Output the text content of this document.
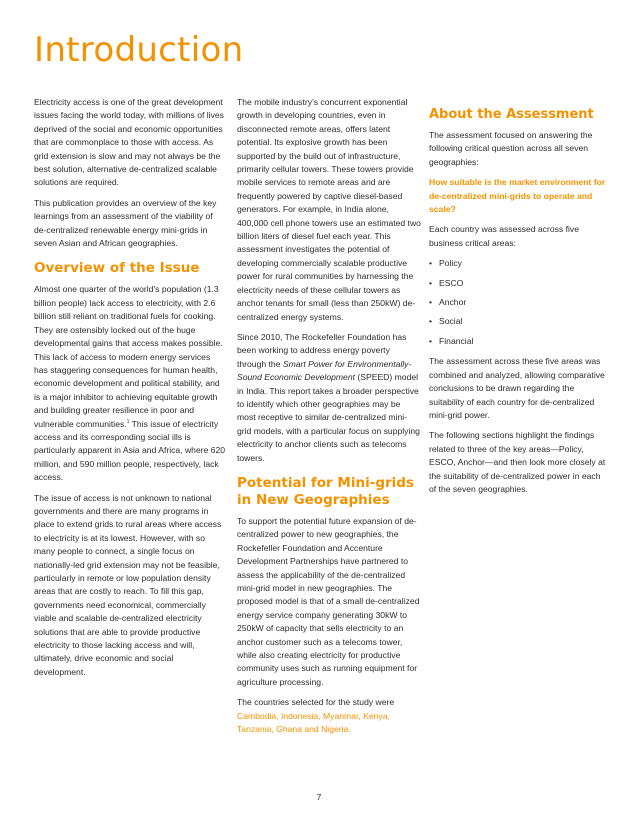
Introduction

Electricity access is one of the great development issues facing the world today, with millions of lives deprived of the social and economic opportunities that are commonplace to those with access. As grid extension is slow and may not always be the best solution, alternative de-centralized scalable solutions are required.

This publication provides an overview of the key learnings from an assessment of the viability of de-centralized renewable energy mini-grids in seven Asian and African geographies.

Overview of the Issue

Almost one quarter of the world’s population (1.3 billion people) lack access to electricity, with 2.6 billion still reliant on traditional fuels for cooking. They are ostensibly locked out of the huge developmental gains that access makes possible. This lack of access to modern energy services has staggering consequences for human health, economic development and political stability, and is a major inhibitor to achieving equitable growth and building greater resilience in poor and vulnerable communities.$^1$ This issue of electricity access and its corresponding social ills is particularly apparent in Asia and Africa, where 620 million, and 590 million people, respectively, lack access.

The issue of access is not unknown to national governments and there are many programs in place to extend grids to rural areas where access to electricity is at its lowest. However, with so many people to connect, a single focus on nationally-led grid extension may not be feasible, particularly in remote or low population density areas that are costly to reach. To fill this gap, governments need economical, commercially viable and scalable de-centralized electricity solutions that are able to provide productive electricity to those lacking access and will, ultimately, drive economic and social development.

The mobile industry’s concurrent exponential growth in developing countries, even in disconnected remote areas, offers latent potential. Its explosive growth has been supported by the build out of infrastructure, primarily cellular towers. These towers provide mobile services to remote areas and are frequently powered by captive diesel-based generators. For example, in India alone, 400,000 cell phone towers use an estimated two billion liters of diesel fuel each year. This assessment investigates the potential of developing commercially scalable productive power for rural communities by harnessing the electricity needs of these cellular towers as anchor tenants for small (less than 250kW) de-centralized energy systems.

Since 2010, The Rockefeller Foundation has been working to address energy poverty through the Smart Power for Environmentally-Sound Economic Development (SPEED) model in India. This report takes a broader perspective to identify which other geographies may be most receptive to similar de-centralized mini-grid models, with a particular focus on supplying electricity to anchor clients such as telecoms towers.

Potential for Mini-grids in New Geographies

To support the potential future expansion of de-centralized power to new geographies, the Rockefeller Foundation and Accenture Development Partnerships have partnered to assess the applicability of the de-centralized mini-grid model in new geographies. The proposed model is that of a small de-centralized energy service company generating 30kW to 250kW of capacity that sells electricity to an anchor customer such as a telecoms tower, while also creating electricity for productive community uses such as running equipment for agriculture processing.

The countries selected for the study were
Cambodia, Indonesia, Myanmar, Kenya, Tanzania, Ghana and Nigeria.

About the Assessment

The assessment focused on answering the following critical question across all seven geographies:

How suitable is the market environment for de-centralized mini-grids to operate and scale?

Each country was assessed across five business critical areas:

• Policy
• ESCO
• Anchor
• Social
• Financial

The assessment across these five areas was combined and analyzed, allowing comparative conclusions to be drawn regarding the suitability of each country for de-centralized mini-grid power.

The following sections highlight the findings related to three of the key areas—Policy, ESCO, Anchor—and then look more closely at the suitability of de-centralized power in each of the seven geographies.

7
